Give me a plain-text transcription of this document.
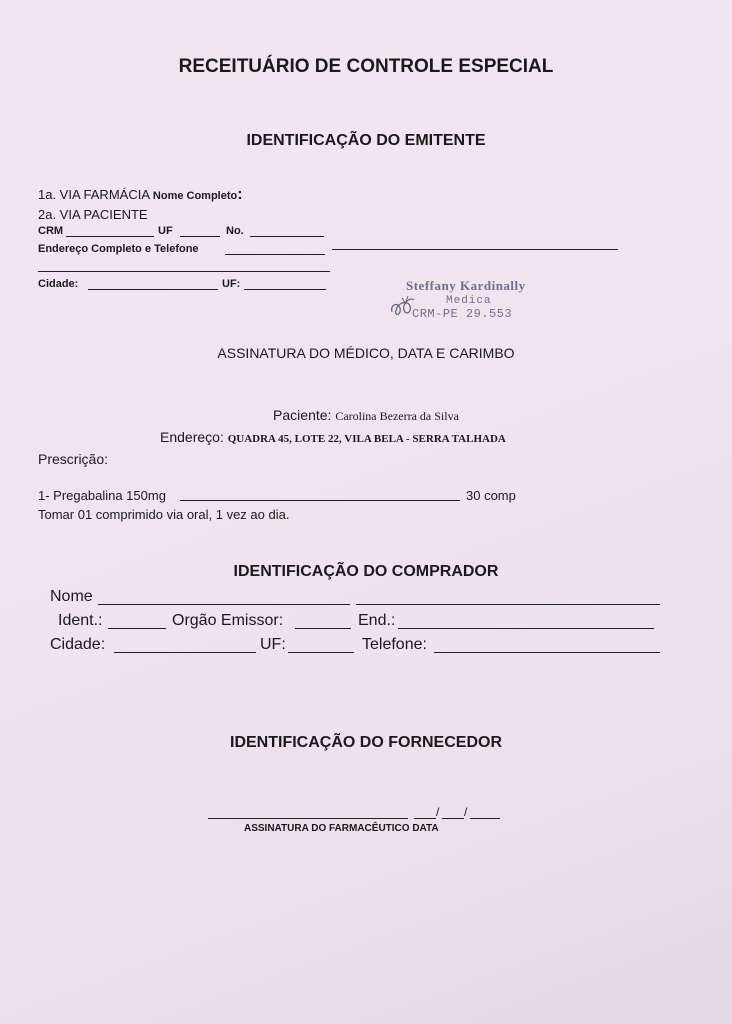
RECEITUÁRIO DE CONTROLE ESPECIAL
IDENTIFICAÇÃO DO EMITENTE
1a. VIA FARMÁCIA Nome Completo:
2a. VIA PACIENTE
CRM	UF	No.
Endereço Completo e Telefone
Cidade:	UF:	Steffany Kardinally
Medica
CRM-PE 29.553
ASSINATURA DO MÉDICO, DATA E CARIMBO
Paciente: Carolina Bezerra da Silva
Endereço: QUADRA 45, LOTE 22, VILA BELA - SERRA TALHADA
Prescrição:
1- Pregabalina 150mg	30 comp
Tomar 01 comprimido via oral, 1 vez ao dia.
IDENTIFICAÇÃO DO COMPRADOR
Nome
Ident.:	Orgão Emissor:	End.:
Cidade:	UF:	Telefone:
IDENTIFICAÇÃO DO FORNECEDOR
/ /
ASSINATURA DO FARMACÊUTICO DATA
